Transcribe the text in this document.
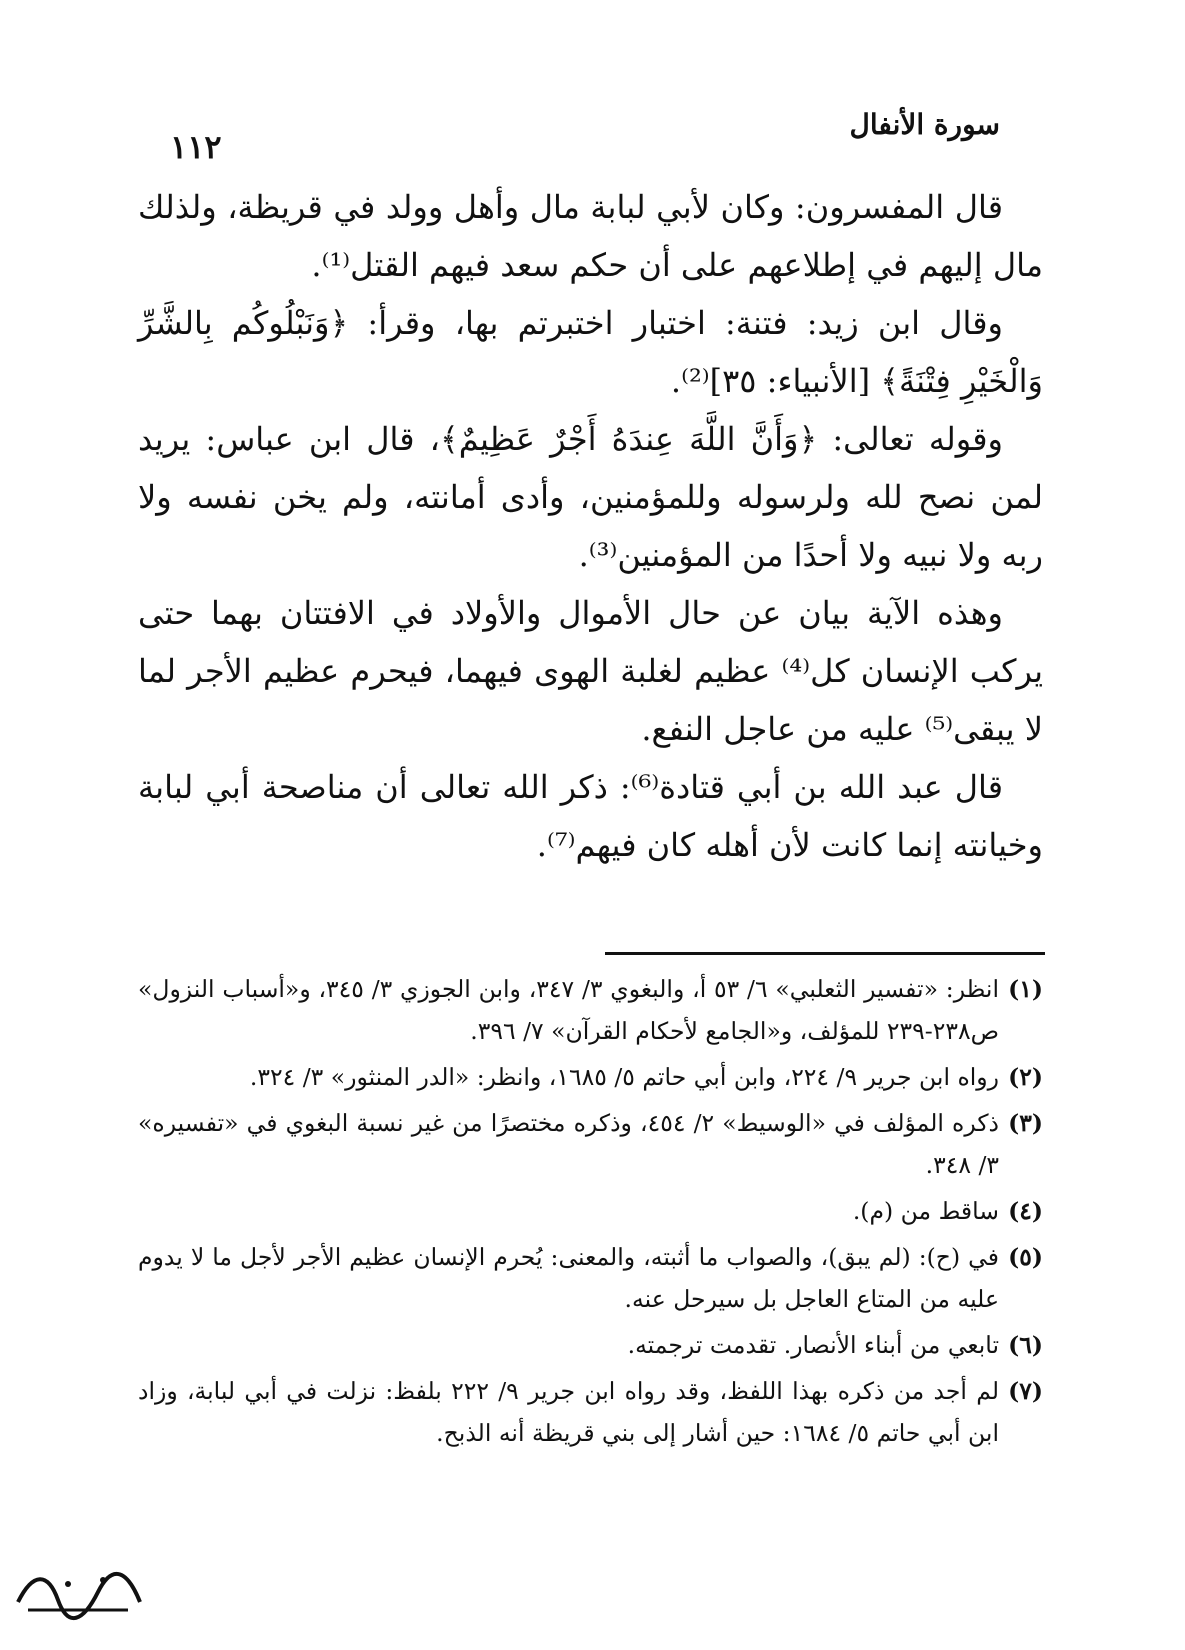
سورة الأنفال
١١٢

قال المفسرون: وكان لأبي لبابة مال وأهل وولد في قريظة، ولذلك مال إليهم في إطلاعهم على أن حكم سعد فيهم القتل⁽¹⁾.

وقال ابن زيد: فتنة: اختبار اختبرتم بها، وقرأ: ﴿وَنَبْلُوكُم بِالشَّرِّ وَالْخَيْرِ فِتْنَةً﴾ [الأنبياء: ٣٥]⁽²⁾.

وقوله تعالى: ﴿وَأَنَّ اللَّهَ عِندَهُ أَجْرٌ عَظِيمٌ﴾، قال ابن عباس: يريد لمن نصح لله ولرسوله وللمؤمنين، وأدى أمانته، ولم يخن نفسه ولا ربه ولا نبيه ولا أحدًا من المؤمنين⁽³⁾.

وهذه الآية بيان عن حال الأموال والأولاد في الافتتان بهما حتى يركب الإنسان كل⁽⁴⁾ عظيم لغلبة الهوى فيهما، فيحرم عظيم الأجر لما لا يبقى⁽⁵⁾ عليه من عاجل النفع.

قال عبد الله بن أبي قتادة⁽⁶⁾: ذكر الله تعالى أن مناصحة أبي لبابة وخيانته إنما كانت لأن أهله كان فيهم⁽⁷⁾.

(١)
انظر: «تفسير الثعلبي» ٦/ ٥٣ أ، والبغوي ٣/ ٣٤٧، وابن الجوزي ٣/ ٣٤٥، و«أسباب النزول» ص٢٣٨-٢٣٩ للمؤلف، و«الجامع لأحكام القرآن» ٧/ ٣٩٦.
(٢)
رواه ابن جرير ٩/ ٢٢٤، وابن أبي حاتم ٥/ ١٦٨٥، وانظر: «الدر المنثور» ٣/ ٣٢٤.
(٣)
ذكره المؤلف في «الوسيط» ٢/ ٤٥٤، وذكره مختصرًا من غير نسبة البغوي في «تفسيره» ٣/ ٣٤٨.
(٤)
ساقط من (م).
(٥)
في (ح): (لم يبق)، والصواب ما أثبته، والمعنى: يُحرم الإنسان عظيم الأجر لأجل ما لا يدوم عليه من المتاع العاجل بل سيرحل عنه.
(٦)
تابعي من أبناء الأنصار. تقدمت ترجمته.
(٧)
لم أجد من ذكره بهذا اللفظ، وقد رواه ابن جرير ٩/ ٢٢٢ بلفظ: نزلت في أبي لبابة، وزاد ابن أبي حاتم ٥/ ١٦٨٤: حين أشار إلى بني قريظة أنه الذبح.
